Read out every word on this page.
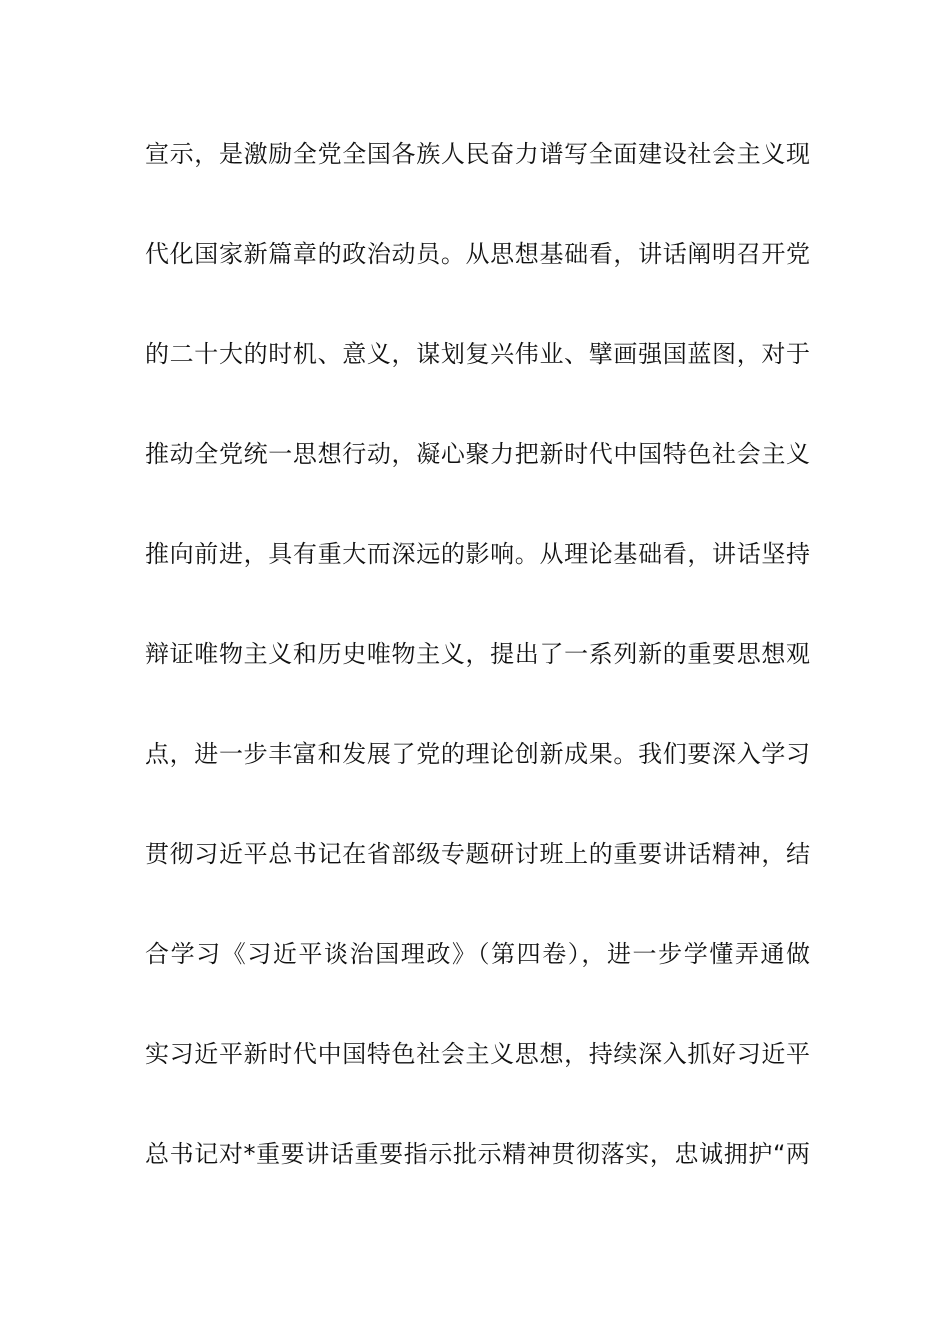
宣示，是激励全党全国各族人民奋力谱写全面建设社会主义现
代化国家新篇章的政治动员。从思想基础看，讲话阐明召开党
的二十大的时机、意义，谋划复兴伟业、擘画强国蓝图，对于
推动全党统一思想行动，凝心聚力把新时代中国特色社会主义
推向前进，具有重大而深远的影响。从理论基础看，讲话坚持
辩证唯物主义和历史唯物主义，提出了一系列新的重要思想观
点，进一步丰富和发展了党的理论创新成果。我们要深入学习
贯彻习近平总书记在省部级专题研讨班上的重要讲话精神，结
合学习《习近平谈治国理政》（第四卷），进一步学懂弄通做
实习近平新时代中国特色社会主义思想，持续深入抓好习近平
总书记对*重要讲话重要指示批示精神贯彻落实，忠诚拥护“两
